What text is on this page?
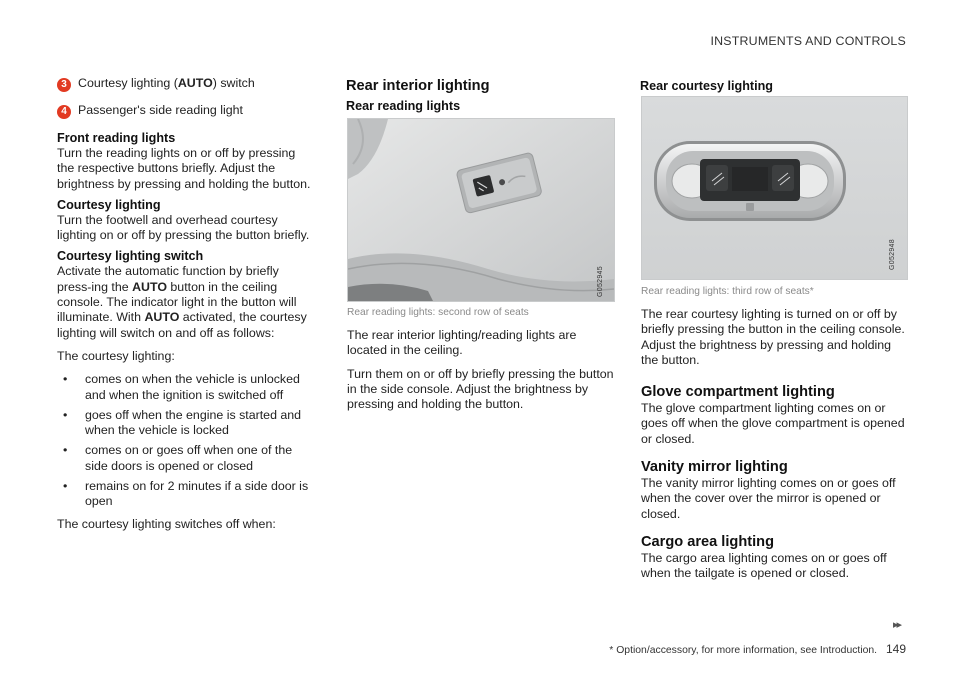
INSTRUMENTS AND CONTROLS
3 Courtesy lighting (AUTO) switch
4 Passenger's side reading light
Front reading lights

Turn the reading lights on or off by pressing the respective buttons briefly. Adjust the brightness by pressing and holding the button.

Courtesy lighting

Turn the footwell and overhead courtesy lighting on or off by pressing the button briefly.

Courtesy lighting switch

Activate the automatic function by briefly press-ing the AUTO button in the ceiling console. The indicator light in the button will illuminate. With AUTO activated, the courtesy lighting will switch on and off as follows:

The courtesy lighting:

•	comes on when the vehicle is unlocked and when the ignition is switched off
•	goes off when the engine is started and when the vehicle is locked
•	comes on or goes off when one of the side doors is opened or closed
•	remains on for 2 minutes if a side door is open

The courtesy lighting switches off when:

Rear interior lighting
Rear reading lights
G052945
Rear reading lights: second row of seats

The rear interior lighting/reading lights are located in the ceiling.

Turn them on or off by briefly pressing the button in the side console. Adjust the brightness by pressing and holding the button.

Rear courtesy lighting
G052948
Rear reading lights: third row of seats*

The rear courtesy lighting is turned on or off by briefly pressing the button in the ceiling console. Adjust the brightness by pressing and holding the button.

Glove compartment lighting

The glove compartment lighting comes on or goes off when the glove compartment is opened or closed.

Vanity mirror lighting

The vanity mirror lighting comes on or goes off when the cover over the mirror is opened or closed.

Cargo area lighting

The cargo area lighting comes on or goes off when the tailgate is opened or closed.

▸▸
* Option/accessory, for more information, see Introduction. 149
